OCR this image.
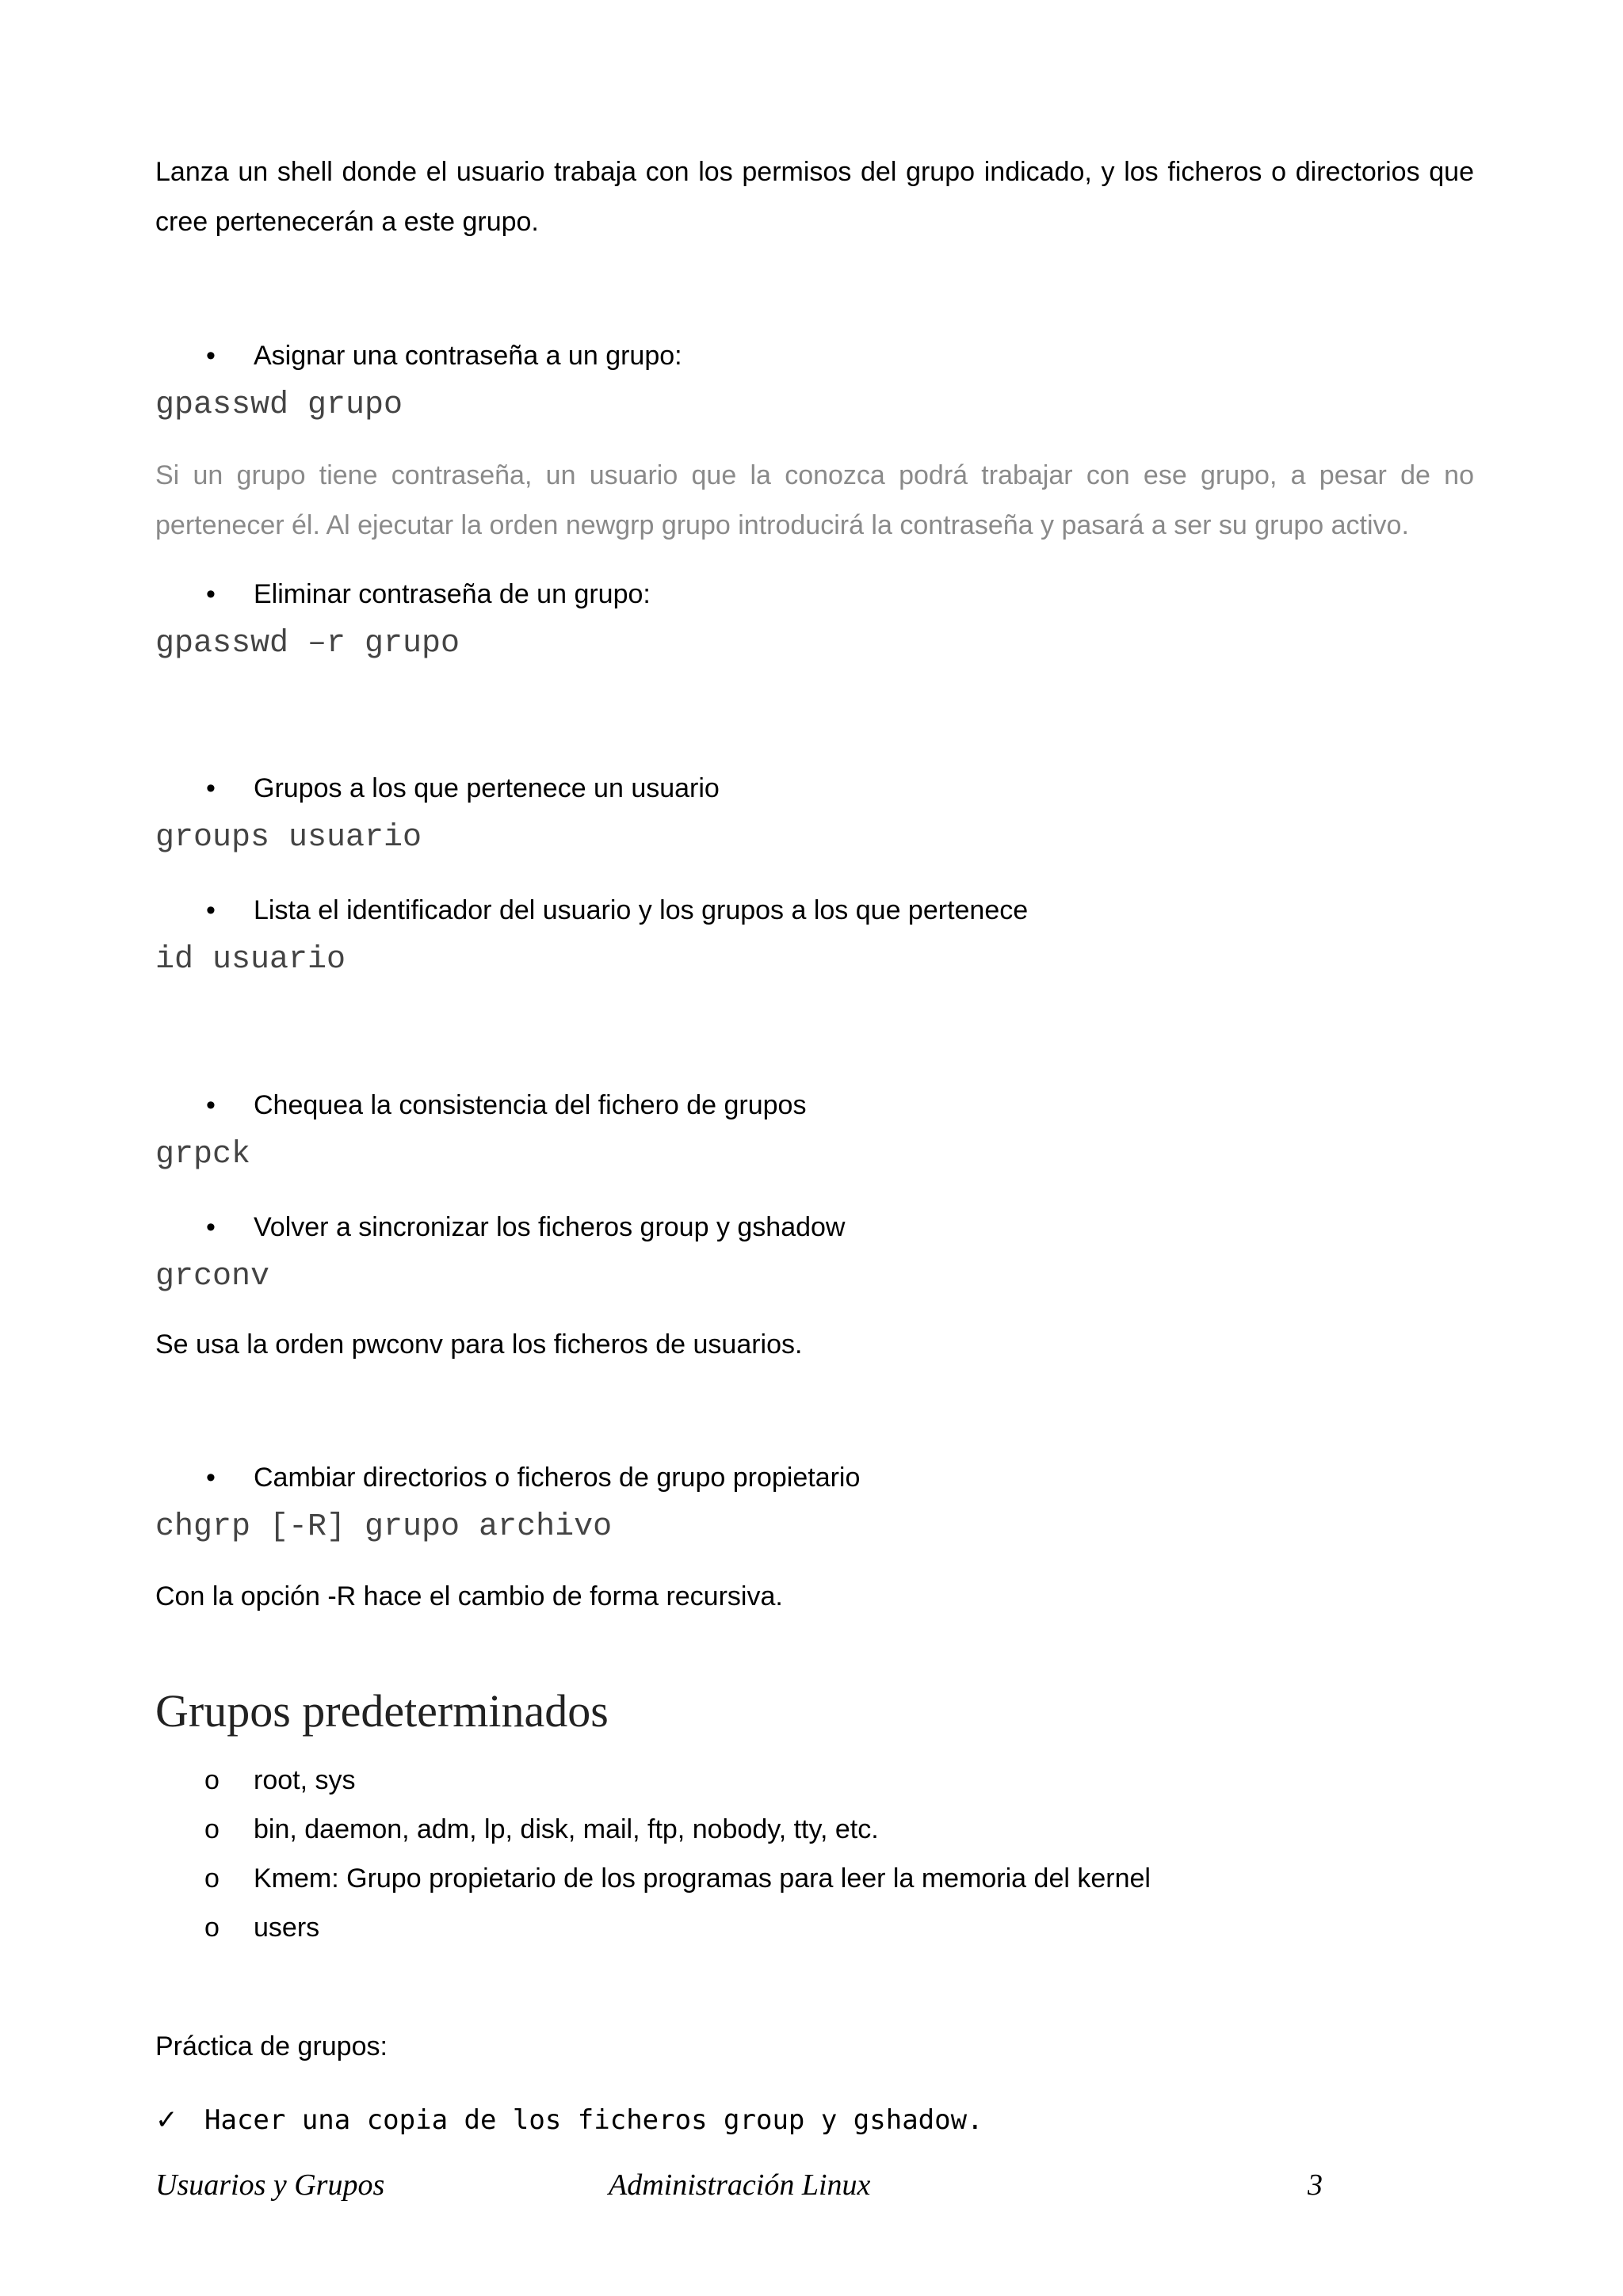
Lanza un shell donde el usuario trabaja con los permisos del grupo indicado, y los ficheros o directorios que cree pertenecerán a este grupo.

• Asignar una contraseña a un grupo:
gpasswd grupo

Si un grupo tiene contraseña, un usuario que la conozca podrá trabajar con ese grupo, a pesar de no pertenecer él. Al ejecutar la orden newgrp grupo introducirá la contraseña y pasará a ser su grupo activo.

• Eliminar contraseña de un grupo:
gpasswd –r grupo
• Grupos a los que pertenece un usuario
groups usuario
• Lista el identificador del usuario y los grupos a los que pertenece
id usuario
• Chequea la consistencia del fichero de grupos
grpck
• Volver a sincronizar los ficheros group y gshadow
grconv

Se usa la orden pwconv para los ficheros de usuarios.

• Cambiar directorios o ficheros de grupo propietario
chgrp [-R] grupo archivo

Con la opción -R hace el cambio de forma recursiva.

Grupos predeterminados
o root, sys
o bin, daemon, adm, lp, disk, mail, ftp, nobody, tty, etc.
o Kmem: Grupo propietario de los programas para leer la memoria del kernel
o users

Práctica de grupos:

✓

Hacer una copia de los ficheros group y gshadow.

Usuarios y Grupos	Administración Linux	3
